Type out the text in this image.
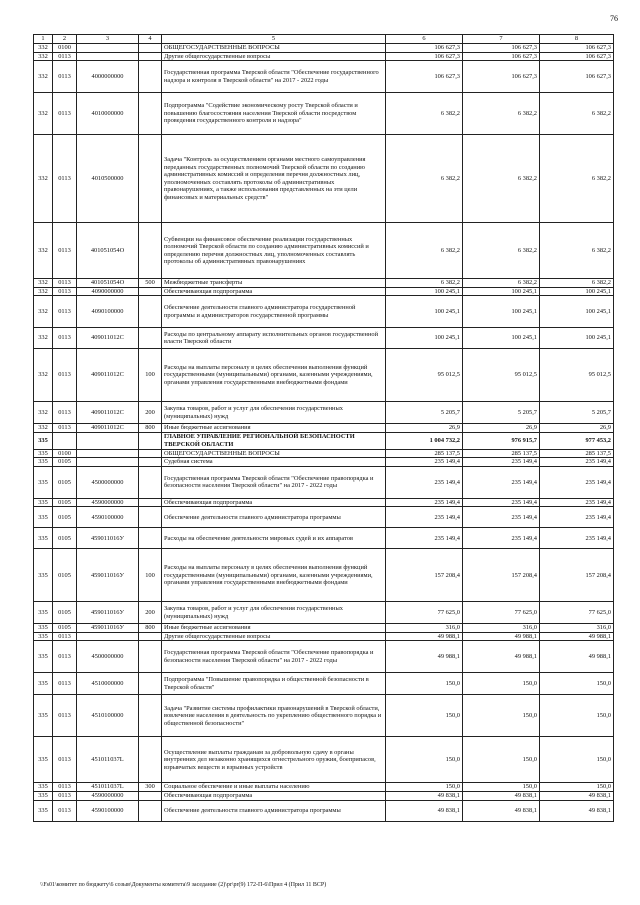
76
1	2	3	4	5	6	7	8
332	0100			ОБЩЕГОСУДАРСТВЕННЫЕ ВОПРОСЫ	106 627,3	106 627,3	106 627,3
332	0113			Другие общегосударственные вопросы	106 627,3	106 627,3	106 627,3
332	0113	4000000000		Государственная программа Тверской области "Обеспечение государственного надзора и контроля в Тверской области" на 2017 - 2022 годы	106 627,3	106 627,3	106 627,3
332	0113	4010000000		Подпрограмма "Содействие экономическому росту Тверской области и повышению благосостояния населения Тверской области посредством проведения государственного контроля и надзора"	6 382,2	6 382,2	6 382,2
332	0113	4010500000		Задача "Контроль за осуществлением органами местного самоуправления переданных государственных полномочий Тверской области по созданию административных комиссий и определения перечня должностных лиц, уполномоченных составлять протоколы об административных правонарушениях, а также использования представленных на эти цели финансовых и материальных средств"	6 382,2	6 382,2	6 382,2
332	0113	401051054О		Субвенции на финансовое обеспечение реализации государственных полномочий Тверской области по созданию административных комиссий и определению перечня должностных лиц, уполномоченных составлять протоколы об административных правонарушениях	6 382,2	6 382,2	6 382,2
332	0113	401051054О	500	Межбюджетные трансферты	6 382,2	6 382,2	6 382,2
332	0113	4090000000		Обеспечивающая подпрограмма	100 245,1	100 245,1	100 245,1
332	0113	4090100000		Обеспечение деятельности главного администратора государственной программы и администраторов государственной программы	100 245,1	100 245,1	100 245,1
332	0113	409011012С		Расходы по центральному аппарату исполнительных органов государственной власти Тверской области	100 245,1	100 245,1	100 245,1
332	0113	409011012С	100	Расходы на выплаты персоналу в целях обеспечения выполнения функций государственными (муниципальными) органами, казенными учреждениями, органами управления государственными внебюджетными фондами	95 012,5	95 012,5	95 012,5
332	0113	409011012С	200	Закупка товаров, работ и услуг для обеспечения государственных (муниципальных) нужд	5 205,7	5 205,7	5 205,7
332	0113	409011012С	800	Иные бюджетные ассигнования	26,9	26,9	26,9
335				ГЛАВНОЕ УПРАВЛЕНИЕ РЕГИОНАЛЬНОЙ БЕЗОПАСНОСТИ ТВЕРСКОЙ ОБЛАСТИ	1 004 732,2	976 915,7	977 453,2
335	0100			ОБЩЕГОСУДАРСТВЕННЫЕ ВОПРОСЫ	285 137,5	285 137,5	285 137,5
335	0105			Судебная система	235 149,4	235 149,4	235 149,4
335	0105	4500000000		Государственная программа Тверской области "Обеспечение правопорядка и безопасности населения Тверской области" на 2017 - 2022 годы	235 149,4	235 149,4	235 149,4
335	0105	4590000000		Обеспечивающая подпрограмма	235 149,4	235 149,4	235 149,4
335	0105	4590100000		Обеспечение деятельности главного администратора программы	235 149,4	235 149,4	235 149,4
335	0105	459011016У		Расходы на обеспечение деятельности мировых судей и их аппаратов	235 149,4	235 149,4	235 149,4
335	0105	459011016У	100	Расходы на выплаты персоналу в целях обеспечения выполнения функций государственными (муниципальными) органами, казенными учреждениями, органами управления государственными внебюджетными фондами	157 208,4	157 208,4	157 208,4
335	0105	459011016У	200	Закупка товаров, работ и услуг для обеспечения государственных (муниципальных) нужд	77 625,0	77 625,0	77 625,0
335	0105	459011016У	800	Иные бюджетные ассигнования	316,0	316,0	316,0
335	0113			Другие общегосударственные вопросы	49 988,1	49 988,1	49 988,1
335	0113	4500000000		Государственная программа Тверской области "Обеспечение правопорядка и безопасности населения Тверской области" на 2017 - 2022 годы	49 988,1	49 988,1	49 988,1
335	0113	4510000000		Подпрограмма "Повышение правопорядка и общественной безопасности в Тверской области"	150,0	150,0	150,0
335	0113	4510100000		Задача "Развитие системы профилактики правонарушений в Тверской области, вовлечение населения в деятельность по укреплению общественного порядка и общественной безопасности"	150,0	150,0	150,0
335	0113	451011037L		Осуществление выплаты гражданам за добровольную сдачу в органы внутренних дел незаконно хранящихся огнестрельного оружия, боеприпасов, взрывчатых веществ и взрывных устройств	150,0	150,0	150,0
335	0113	451011037L	300	Социальное обеспечение и иные выплаты населению	150,0	150,0	150,0
335	0113	4590000000		Обеспечивающая подпрограмма	49 838,1	49 838,1	49 838,1
335	0113	4590100000		Обеспечение деятельности главного администратора программы	49 838,1	49 838,1	49 838,1
\\Fs01\комитет по бюджету\6 созыв\Документы комитета\9 заседание (2)\pr\pr(9) 172-П-6\Прил 4 (Прил 11 ВСР)
